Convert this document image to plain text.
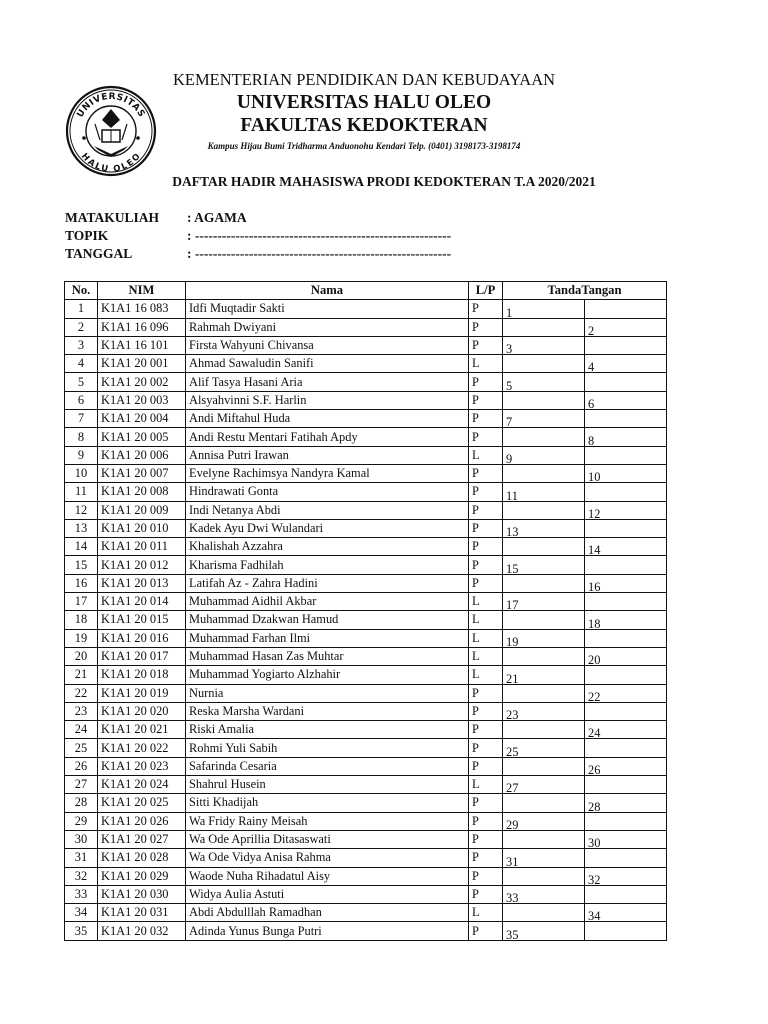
UNIVERSITAS
HALU OLEO
KEMENTERIAN PENDIDIKAN DAN KEBUDAYAAN
UNIVERSITAS HALU OLEO
FAKULTAS KEDOKTERAN
Kampus Hijau Bumi Tridharma Anduonohu Kendari Telp. (0401) 3198173-3198174
DAFTAR HADIR MAHASISWA PRODI KEDOKTERAN T.A 2020/2021
MATAKULIAH : AGAMA
TOPIK	: ---------------------------------------------------------
TANGGAL	: ---------------------------------------------------------
No.	NIM	Nama	L/P	TandaTangan	
1	K1A1 16 083	Idfi Muqtadir Sakti	P	1	
2	K1A1 16 096	Rahmah Dwiyani	P		2
3	K1A1 16 101	Firsta Wahyuni Chivansa	P	3	
4	K1A1 20 001	Ahmad Sawaludin Sanifi	L		4
5	K1A1 20 002	Alif Tasya Hasani Aria	P	5	
6	K1A1 20 003	Alsyahvinni S.F. Harlin	P		6
7	K1A1 20 004	Andi Miftahul Huda	P	7	
8	K1A1 20 005	Andi Restu Mentari Fatihah Apdy	P		8
9	K1A1 20 006	Annisa Putri Irawan	L	9	
10	K1A1 20 007	Evelyne Rachimsya Nandyra Kamal	P		10
11	K1A1 20 008	Hindrawati Gonta	P	11	
12	K1A1 20 009	Indi Netanya Abdi	P		12
13	K1A1 20 010	Kadek Ayu Dwi Wulandari	P	13	
14	K1A1 20 011	Khalishah Azzahra	P		14
15	K1A1 20 012	Kharisma Fadhilah	P	15	
16	K1A1 20 013	Latifah Az - Zahra Hadini	P		16
17	K1A1 20 014	Muhammad Aidhil Akbar	L	17	
18	K1A1 20 015	Muhammad Dzakwan Hamud	L		18
19	K1A1 20 016	Muhammad Farhan Ilmi	L	19	
20	K1A1 20 017	Muhammad Hasan Zas Muhtar	L		20
21	K1A1 20 018	Muhammad Yogiarto Alzhahir	L	21	
22	K1A1 20 019	Nurnia	P		22
23	K1A1 20 020	Reska Marsha Wardani	P	23	
24	K1A1 20 021	Riski Amalia	P		24
25	K1A1 20 022	Rohmi Yuli Sabih	P	25	
26	K1A1 20 023	Safarinda Cesaria	P		26
27	K1A1 20 024	Shahrul Husein	L	27	
28	K1A1 20 025	Sitti Khadijah	P		28
29	K1A1 20 026	Wa Fridy Rainy Meisah	P	29	
30	K1A1 20 027	Wa Ode Aprillia Ditasaswati	P		30
31	K1A1 20 028	Wa Ode Vidya Anisa Rahma	P	31	
32	K1A1 20 029	Waode Nuha Rihadatul Aisy	P		32
33	K1A1 20 030	Widya Aulia Astuti	P	33	
34	K1A1 20 031	Abdi Abdulllah Ramadhan	L		34
35	K1A1 20 032	Adinda Yunus Bunga Putri	P	35	
